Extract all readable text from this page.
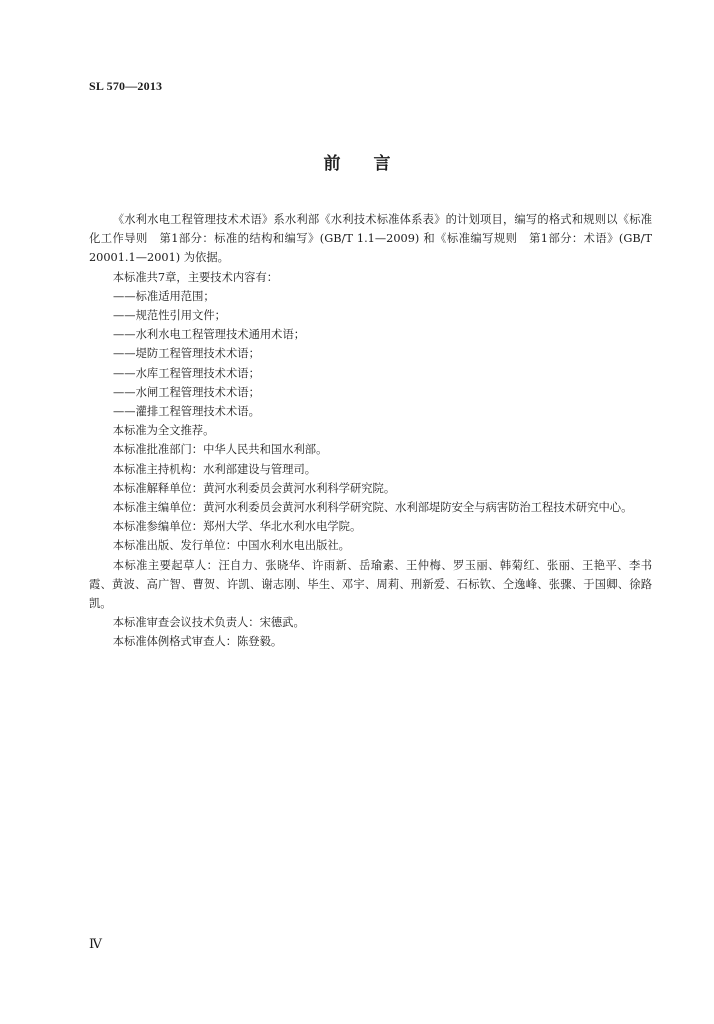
SL 570—2013
前 言

《水利水电工程管理技术术语》系水利部《水利技术标准体系表》的计划项目，编写的格式和规则以《标准化工作导则　第1部分：标准的结构和编写》(GB/T 1.1—2009) 和《标准编写规则　第1部分：术语》(GB/T 20001.1—2001) 为依据。

本标准共7章，主要技术内容有：

——标准适用范围；

——规范性引用文件；

——水利水电工程管理技术通用术语；

——堤防工程管理技术术语；

——水库工程管理技术术语；

——水闸工程管理技术术语；

——灌排工程管理技术术语。

本标准为全文推荐。

本标准批准部门：中华人民共和国水利部。

本标准主持机构：水利部建设与管理司。

本标准解释单位：黄河水利委员会黄河水利科学研究院。

本标准主编单位：黄河水利委员会黄河水利科学研究院、水利部堤防安全与病害防治工程技术研究中心。

本标准参编单位：郑州大学、华北水利水电学院。

本标准出版、发行单位：中国水利水电出版社。

本标准主要起草人：汪自力、张晓华、许雨新、岳瑜素、王仲梅、罗玉丽、韩菊红、张丽、王艳平、李书霞、黄波、高广智、曹贺、许凯、谢志刚、毕生、邓宇、周莉、刑新爱、石标钦、仝逸峰、张骤、于国卿、徐路凯。

本标准审查会议技术负责人：宋德武。

本标准体例格式审查人：陈登毅。

Ⅳ
